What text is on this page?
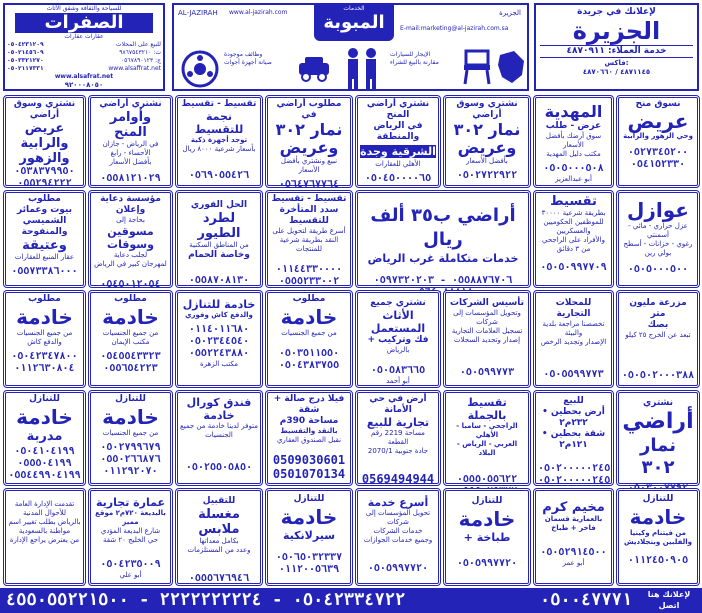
للسياحة والثقافة وشقق الأثاث
الصفرات
عقارات عقارات
٠٥٠٤٢٣١٢٠٩
٠٥٠٢١٤٥٦٠٩
٠٥٠٣٣٢١٢٧٠
٠٥٠٢١١٧٣٣١
للبيع على المحلات
ت: ٩٨٦٧٥٤٣٢١٠
ج: ٠٥٦٧٨٩٠١٢٣
www.alsaffrat.net
www.alsafrat.net
٩٢٠٠٠٨٠٥٠
AL-JAZIRAH www.al-jazirah.com
الخدمات
المبوبة	E-mail:marketing@al-jazirah.com.sa
الجزيرة
وظائف موجودة
صيانة أجهزة أجوات
الإيجار للسيارات
مقارنة بالبيع للشراء
لإعلانك في جريدة
الجزيرة
خدمة العملاء: ٤٨٧٠٩١١
فاكس:
٤٨٧١١٤٥ / ٤٨٧٠٦٦٠
نسوق منح
عريض
وحي الزهور والرابية
٠٥٢٧٣٤٥٢٠٠
٠٥٤١٥٢٣٣٠
المهدية
عرض - طلب
سوق أرضك بأفضل الأسعار
مكتب دليل المهدية
٠٥٠٥٠٠٠٥٠٨
أبو عبدالعزيز
نشتري وسوق أراضي
نمار ٣٠٢
وعريض
بأفضل الأسعار
٠٥٠٢٧٢٢٩٢٢
نشتري أراضي المنح
في الرياض والمنطقة
الشرقية وجدة
الأهلي للعقارات
٠٥٠٤٥٠٠٠٠٦٥
مطلوب أراضي في
نمار ٣٠٢
وعريض
نبيع ونشتري بأفضل الأسعار
٠٥٦٤٧٦٧٧٦٤
تقسيط - تقسيط
نجمة للتقسيط
توجد أجهزة ذكية
بأسعار شرعية ٨٠٠٠ ريال
٠٥٦٩٠٥٥٤٢٦
نشتري أراضي
وأوامر المنح
في الرياض - جازان
الأحساء - رابغ
بأفضل الأسعار
٠٥٥٨١٢١٠٢٩
نشتري وسوق أراضي
عريض
والرابية
والزهور
٠٥٣٨٣٧٩٩٥٠
٠٥٥٢٩٤٢٢٢
عوازل
عزل حراري - مائي - أسمنتي
رغوي - خزانات - أسطح
بولي رين
٠٥٠٥٠٠٠٥٠٠
تقسيط
بطريقة شرعية ٣٠٠٠٠
للموظفين الحكوميين والعسكريين
والأفراد على الراجحي
من ٣ دقائق
٠٥٠٥٠٩٩٧٧٠٩
أراضي ب٣٥ ألف ريال
خدمات متكاملة غرب الرياض
٠٥٥٨٨٧٦٧٠٦ - ٠٥٩٧٣٢٠٢٠٣
تقسيط - تقسيط
سدد المتأخرة للتقسيط
أسرع طريقة لتحويل على
النقد بطريقة شرعية للمنتجات
٠١١٤٤٣٣٠٠٠٠
٠٥٥٥٢٣٣٠٠٢
الحل الفوري
لطرد الطيور
من المناطق السكنية
وخاصة الحمام
٠٥٥٨٧٠٨١٣٠
مؤسسة دعاية وإعلان
بحاجة إلى
مسوقين وسوقات
لجلب دعاية
لمهرجان كبير في الرياض
٠٥٤٥٠١٢٠٥٤
مطلوب
بيوت وعمائر
الشميسي والمنفوحة
وعتيقة
عقار المنيع للعقارات
٠٥٥٧٣٣٨٦٠٠٠
مزرعة مليون متر
بصك
تبعد عن الخرج ٢٥ كيلو
٠٥٠٥٠٢٠٠٠٣٨٨
للمحلات التجارية
تخصصنا مراجعة بلدية
والبيئة
الإصدار وتجديد الرخص
٠٥٠٥٥٩٩٧٧٣
تأسيس الشركات
وتحويل المؤسسات إلى شركات
تسجيل العلامات التجارية
إصدار وتجديد السجلات
٠٥٠٥٩٩٧٧٣
نشتري جميع
الأثاث المستعمل
+ فك وتركيب
بالرياض
٠٥٠٥٨٣٦٦٥
أبو أحمد
مطلوب
خادمة
من جميع الجنسيات
٠٥٠٣٥١١٥٥٠
٠٥٠٤٣٨٣٧٥٥
خادمة للتنازل
والدفع كاش وفوري
٠١١٤٠١١٦٨٠
٠٥٠٢٣٤٤٥٤٠
٠٥٥٢٢٤٣٨٨٠
مكتب الزهرة
مطلوب
خادمة
من جميع الجنسيات
مكتب الإيمان
٠٥٤٥٥٤٣٣٢٣
٠٥٥٦٥٤٢٢٣
مطلوب
خادمة
من جميع الجنسيات
والدفع كاش
٠٥٠٤٢٣٤٧٨٠٠
٠١١٢٦٣٠٨٠٤
نشتري
أراضي
نمار ٣٠٢
للبيع
• أرض بحطين ٢٣٢م٢
• شقة بحطين ١٢١م٢
٠٥٠٢٠٠٠٠٠٢٤٥
٠٥٠٢٠٠٠٠٠٢٤٥
تقسيط بالجملة
الراجحي - سامبا - الأهلي
العربي - الرياض - البلاد
٠٥٥٥٠٥٥٦٢٢
أرض في حي الأمانة
تجارية للبيع
مساحة 2219 رقم القطعة
2070/1 جادة جنوبية
0569494944
فيلا درج صالة + شقة
مساحة 390م
بالنقد والتقسيط
نقبل الصندوق العقاري
0509030601
0501070134
فندق كورال
خادمة
متوفر لدينا خادمة من جميع الجنسيات
٠٥٠٢٥٥٠٥٨٥٠
للتنازل
خادمة
من جميع الجنسيات
٠٥٠٢٧٩٩٦٧٩
٠٥٥٠٢٦٦٨٧٦
٠١١٢٩٢٠٧٠
للتنازل
خادمة
مدربة
٠٥٠٤١٠٤١٩٩
٠٥٥٥٠٤١٩٩
٠٥٥٤٤٩٩٠٤١٩٩
للتنازل
خادمة
من فيتنام وكينيا
والفلبين وبنجلاديش
٠١١٢٤٥٠٩٠٥
مخيم كرم
بالعمارية قسمان
فاخر + طباخ
٠٥٠٥٢٩١٤٥٠٠
أبو عمر
للتنازل
خادمة
+ طباخة
٠٥٠٥٩٩٧٧٢٠
أسرع خدمة
تحويل المؤسسات إلى شركات
خدمات الشركات
وجميع خدمات الجوازات
٠٥٠٥٩٩٧٧٢٠
للتنازل
خادمة
سيرلانكية
٠٥٠٦٥٠٣٢٣٣٧
٠١١٢٠٠٥٦٣٩
للتقبيل
مغسلة ملابس
بكامل معداتها
وعدد من المستلزمات
٠٥٥٥٦٧٦٩٤٦
عمارة تجارية
بالبديعة ٧٢٠م٢ موقع مميز
شارع البديعة المؤدي
حي الخليج ٢٠ شقة
٠٥٠٤٢٣٥٠٠٩
أبو علي
تقدمت الإدارة العامة للأحوال المدنية
بالرياض بطلب تغيير اسم
مواطنة بالسعودية
من يعترض يراجع الإدارة
٠٥٠٤٢٣٣٤٧٢٢ - ٢٢٢٢٢٢٢٢٢٤ - ٤٥٥٠٥٥٢٢١٥٠٠	٠٥٠٠٤٧٧٧١	لإعلانك هنا
اتصل
